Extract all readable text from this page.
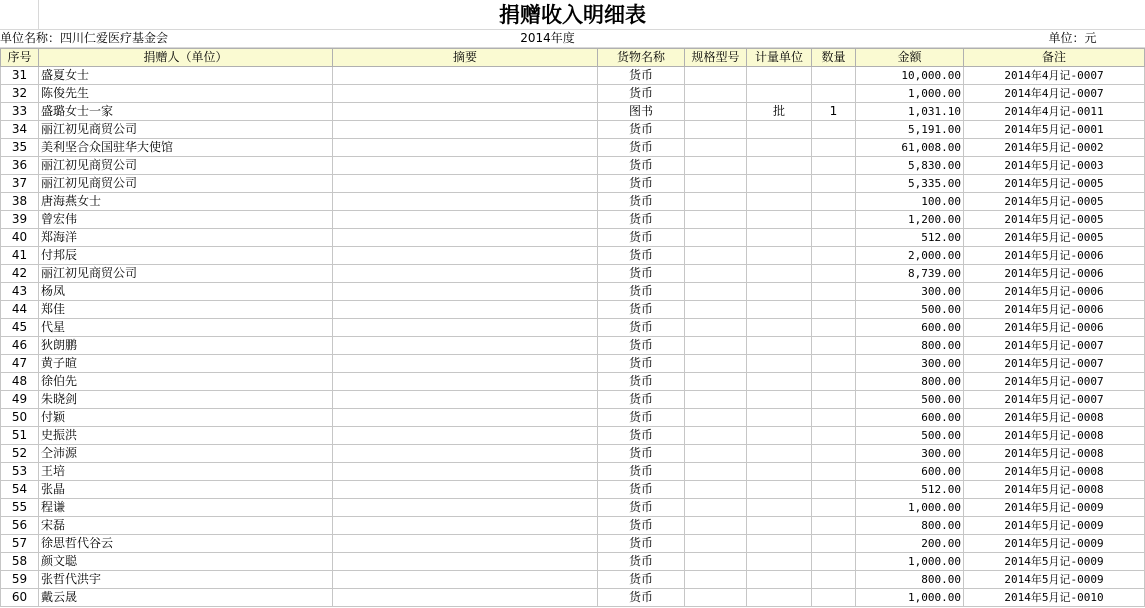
捐赠收入明细表
单位名称：四川仁爱医疗基金会	2014年度	单位：元
序号	捐赠人（单位）	摘要	货物名称	规格型号	计量单位	数量	金额	备注
31	盛夏女士		货币				10,000.00	2014年4月记-0007
32	陈俊先生		货币				1,000.00	2014年4月记-0007
33	盛璐女士一家		图书		批	1	1,031.10	2014年4月记-0011
34	丽江初见商贸公司		货币				5,191.00	2014年5月记-0001
35	美利坚合众国驻华大使馆		货币				61,008.00	2014年5月记-0002
36	丽江初见商贸公司		货币				5,830.00	2014年5月记-0003
37	丽江初见商贸公司		货币				5,335.00	2014年5月记-0005
38	唐海燕女士		货币				100.00	2014年5月记-0005
39	曾宏伟		货币				1,200.00	2014年5月记-0005
40	郑海洋		货币				512.00	2014年5月记-0005
41	付邦辰		货币				2,000.00	2014年5月记-0006
42	丽江初见商贸公司		货币				8,739.00	2014年5月记-0006
43	杨凤		货币				300.00	2014年5月记-0006
44	郑佳		货币				500.00	2014年5月记-0006
45	代星		货币				600.00	2014年5月记-0006
46	狄朗鹏		货币				800.00	2014年5月记-0007
47	黄子暄		货币				300.00	2014年5月记-0007
48	徐伯先		货币				800.00	2014年5月记-0007
49	朱晓剑		货币				500.00	2014年5月记-0007
50	付颖		货币				600.00	2014年5月记-0008
51	史振洪		货币				500.00	2014年5月记-0008
52	仝沛源		货币				300.00	2014年5月记-0008
53	王培		货币				600.00	2014年5月记-0008
54	张晶		货币				512.00	2014年5月记-0008
55	程谦		货币				1,000.00	2014年5月记-0009
56	宋磊		货币				800.00	2014年5月记-0009
57	徐思哲代谷云		货币				200.00	2014年5月记-0009
58	颜文聪		货币				1,000.00	2014年5月记-0009
59	张哲代洪宇		货币				800.00	2014年5月记-0009
60	戴云晟		货币				1,000.00	2014年5月记-0010
